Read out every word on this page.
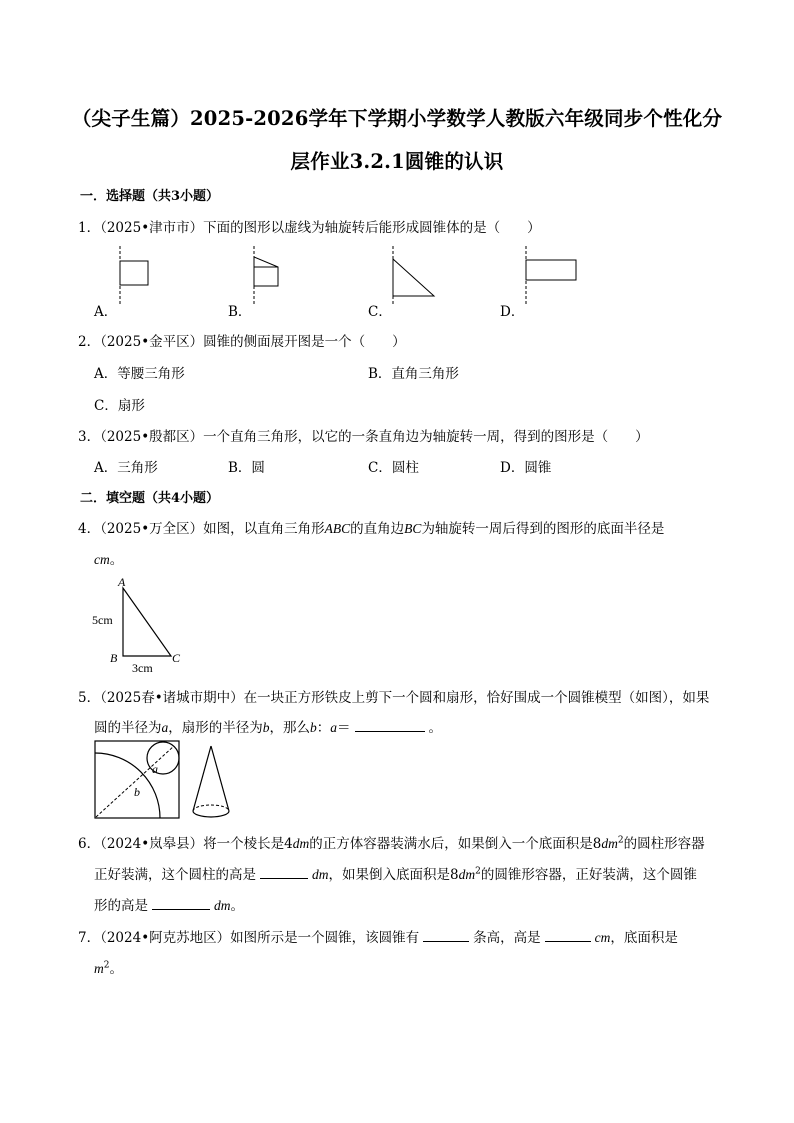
（尖子生篇）2025-2026学年下学期小学数学人教版六年级同步个性化分
层作业3.2.1圆锥的认识
一．选择题（共3小题）
1．（2025•津市市）下面的图形以虚线为轴旋转后能形成圆锥体的是（　　）
A．	B．	C．	D．
2．（2025•金平区）圆锥的侧面展开图是一个（　　）
A．等腰三角形	B．直角三角形
C．扇形
3．（2025•殷都区）一个直角三角形，以它的一条直角边为轴旋转一周，得到的图形是（　　）
A．三角形	B．圆	C．圆柱	D．圆锥
二．填空题（共4小题）
4．（2025•万全区）如图，以直角三角形ABC的直角边BC为轴旋转一周后得到的图形的底面半径是
cm。
A
B	C
5cm
3cm
5．（2025春•诸城市期中）在一块正方形铁皮上剪下一个圆和扇形，恰好围成一个圆锥模型（如图），如果
圆的半径为a，扇形的半径为b，那么b：a＝	。
a
b
6．（2024•岚皋县）将一个棱长是4dm的正方体容器装满水后，如果倒入一个底面积是$8dm^2$的圆柱形容器
正好装满，这个圆柱的高是	dm，如果倒入底面积是$8dm^2$的圆锥形容器，正好装满，这个圆锥
形的高是	dm。
7．（2024•阿克苏地区）如图所示是一个圆锥，该圆锥有	条高，高是	cm，底面积是
$m^2$。
